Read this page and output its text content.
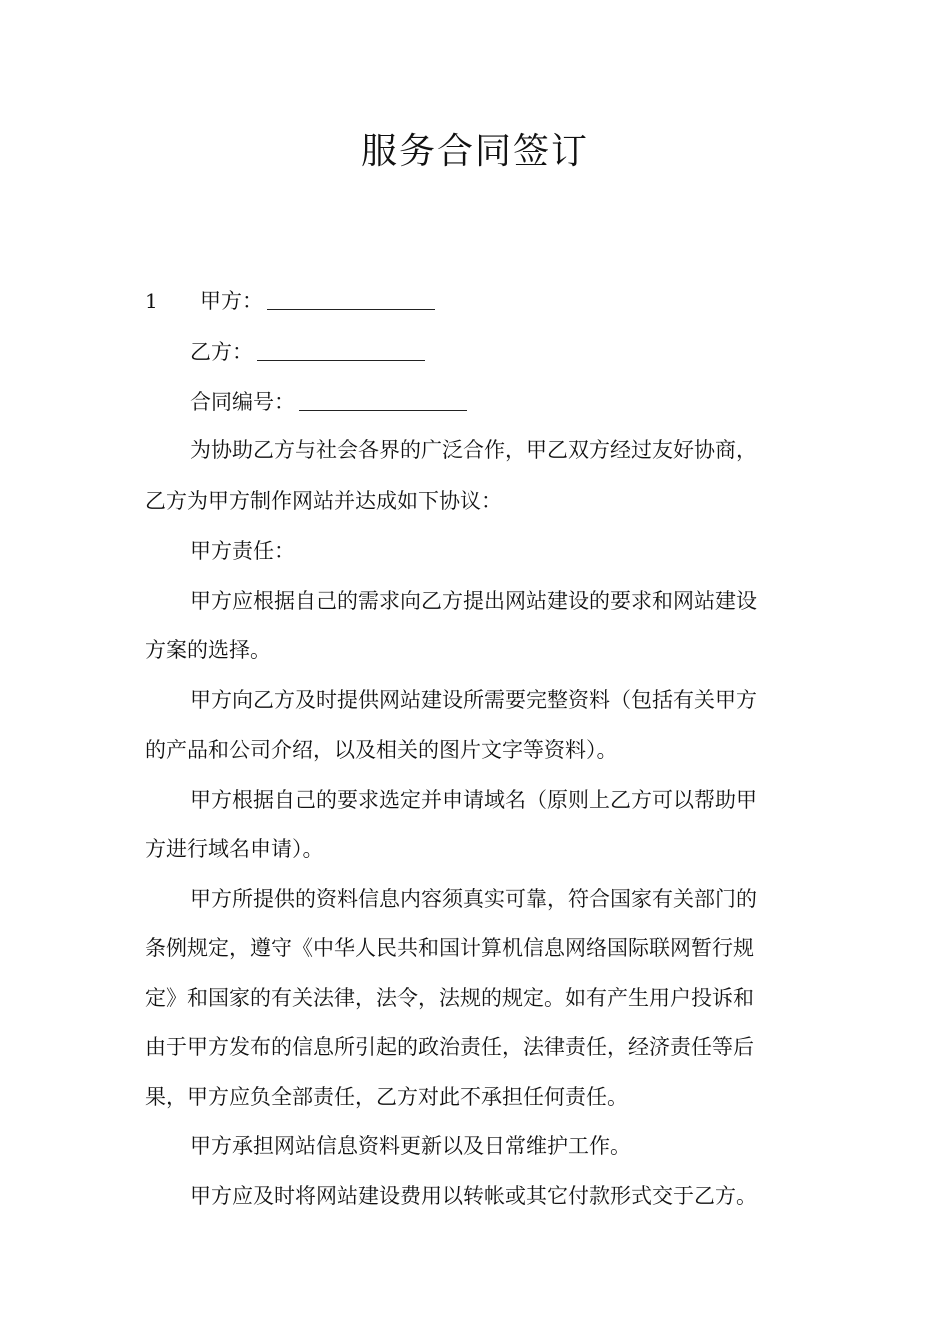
服务合同签订
1 甲方：
乙方：
合同编号：
为协助乙方与社会各界的广泛合作，甲乙双方经过友好协商，
乙方为甲方制作网站并达成如下协议：
甲方责任：
甲方应根据自己的需求向乙方提出网站建设的要求和网站建设
方案的选择。
甲方向乙方及时提供网站建设所需要完整资料（包括有关甲方
的产品和公司介绍，以及相关的图片文字等资料）。
甲方根据自己的要求选定并申请域名（原则上乙方可以帮助甲
方进行域名申请）。
甲方所提供的资料信息内容须真实可靠，符合国家有关部门的
条例规定，遵守《中华人民共和国计算机信息网络国际联网暂行规
定》和国家的有关法律，法令，法规的规定。如有产生用户投诉和
由于甲方发布的信息所引起的政治责任，法律责任，经济责任等后
果，甲方应负全部责任，乙方对此不承担任何责任。
甲方承担网站信息资料更新以及日常维护工作。
甲方应及时将网站建设费用以转帐或其它付款形式交于乙方。
